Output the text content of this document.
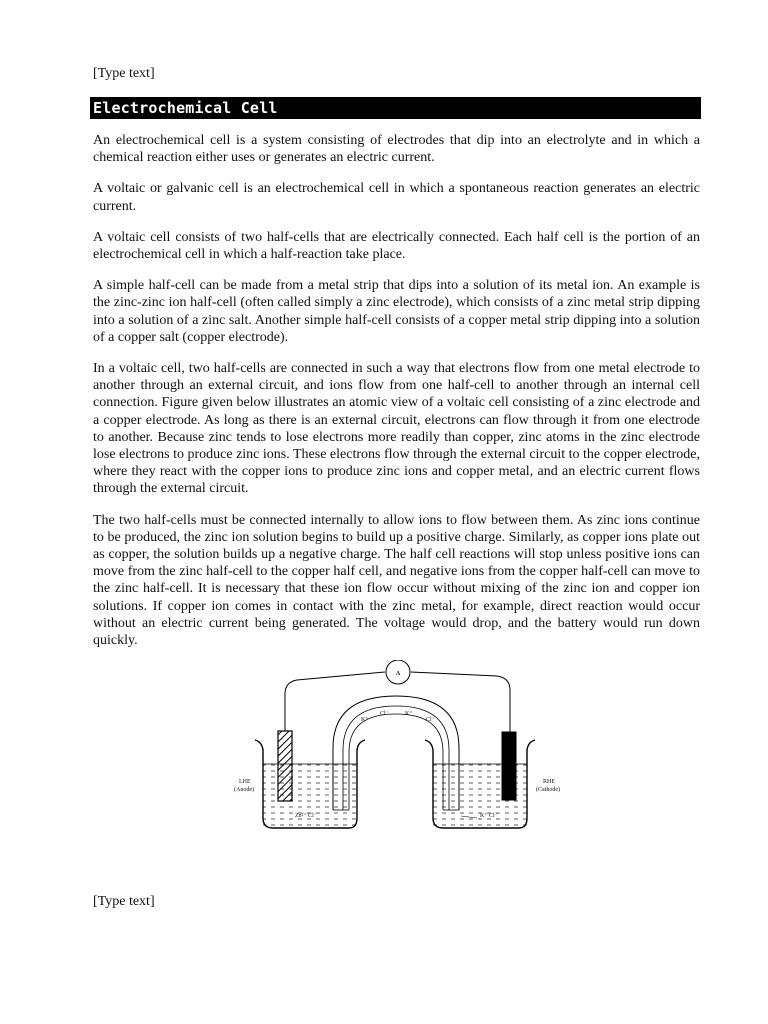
[Type text]
Electrochemical Cell

An electrochemical cell is a system consisting of electrodes that dip into an electrolyte and in which a chemical reaction either uses or generates an electric current.

A voltaic or galvanic cell is an electrochemical cell in which a spontaneous reaction generates an electric current.

A voltaic cell consists of two half-cells that are electrically connected. Each half cell is the portion of an electrochemical cell in which a half-reaction take place.

A simple half-cell can be made from a metal strip that dips into a solution of its metal ion. An example is the zinc-zinc ion half-cell (often called simply a zinc electrode), which consists of a zinc metal strip dipping into a solution of a zinc salt. Another simple half-cell consists of a copper metal strip dipping into a solution of a copper salt (copper electrode).

In a voltaic cell, two half-cells are connected in such a way that electrons flow from one metal electrode to another through an external circuit, and ions flow from one half-cell to another through an internal cell connection. Figure given below illustrates an atomic view of a voltaic cell consisting of a zinc electrode and a copper electrode. As long as there is an external circuit, electrons can flow through it from one electrode to another. Because zinc tends to lose electrons more readily than copper, zinc atoms in the zinc electrode lose electrons to produce zinc ions. These electrons flow through the external circuit to the copper electrode, where they react with the copper ions to produce zinc ions and copper metal, and an electric current flows through the external circuit.

The two half-cells must be connected internally to allow ions to flow between them. As zinc ions continue to be produced, the zinc ion solution begins to build up a positive charge. Similarly, as copper ions plate out as copper, the solution builds up a negative charge. The half cell reactions will stop unless positive ions can move from the zinc half-cell to the copper half cell, and negative ions from the copper half-cell can move to the zinc half-cell. It is necessary that these ion flow occur without mixing of the zinc ion and copper ion solutions. If copper ion comes in contact with the zinc metal, for example, direct reaction would occur without an electric current being generated. The voltage would drop, and the battery would run down quickly.

A
LHE
(Anode)
RHE
(Cathode)
K⁺
Cl⁻	K⁺
Cl⁻
Zn²⁺ Cl⁻	K⁺ Cl⁻
[Type text]
